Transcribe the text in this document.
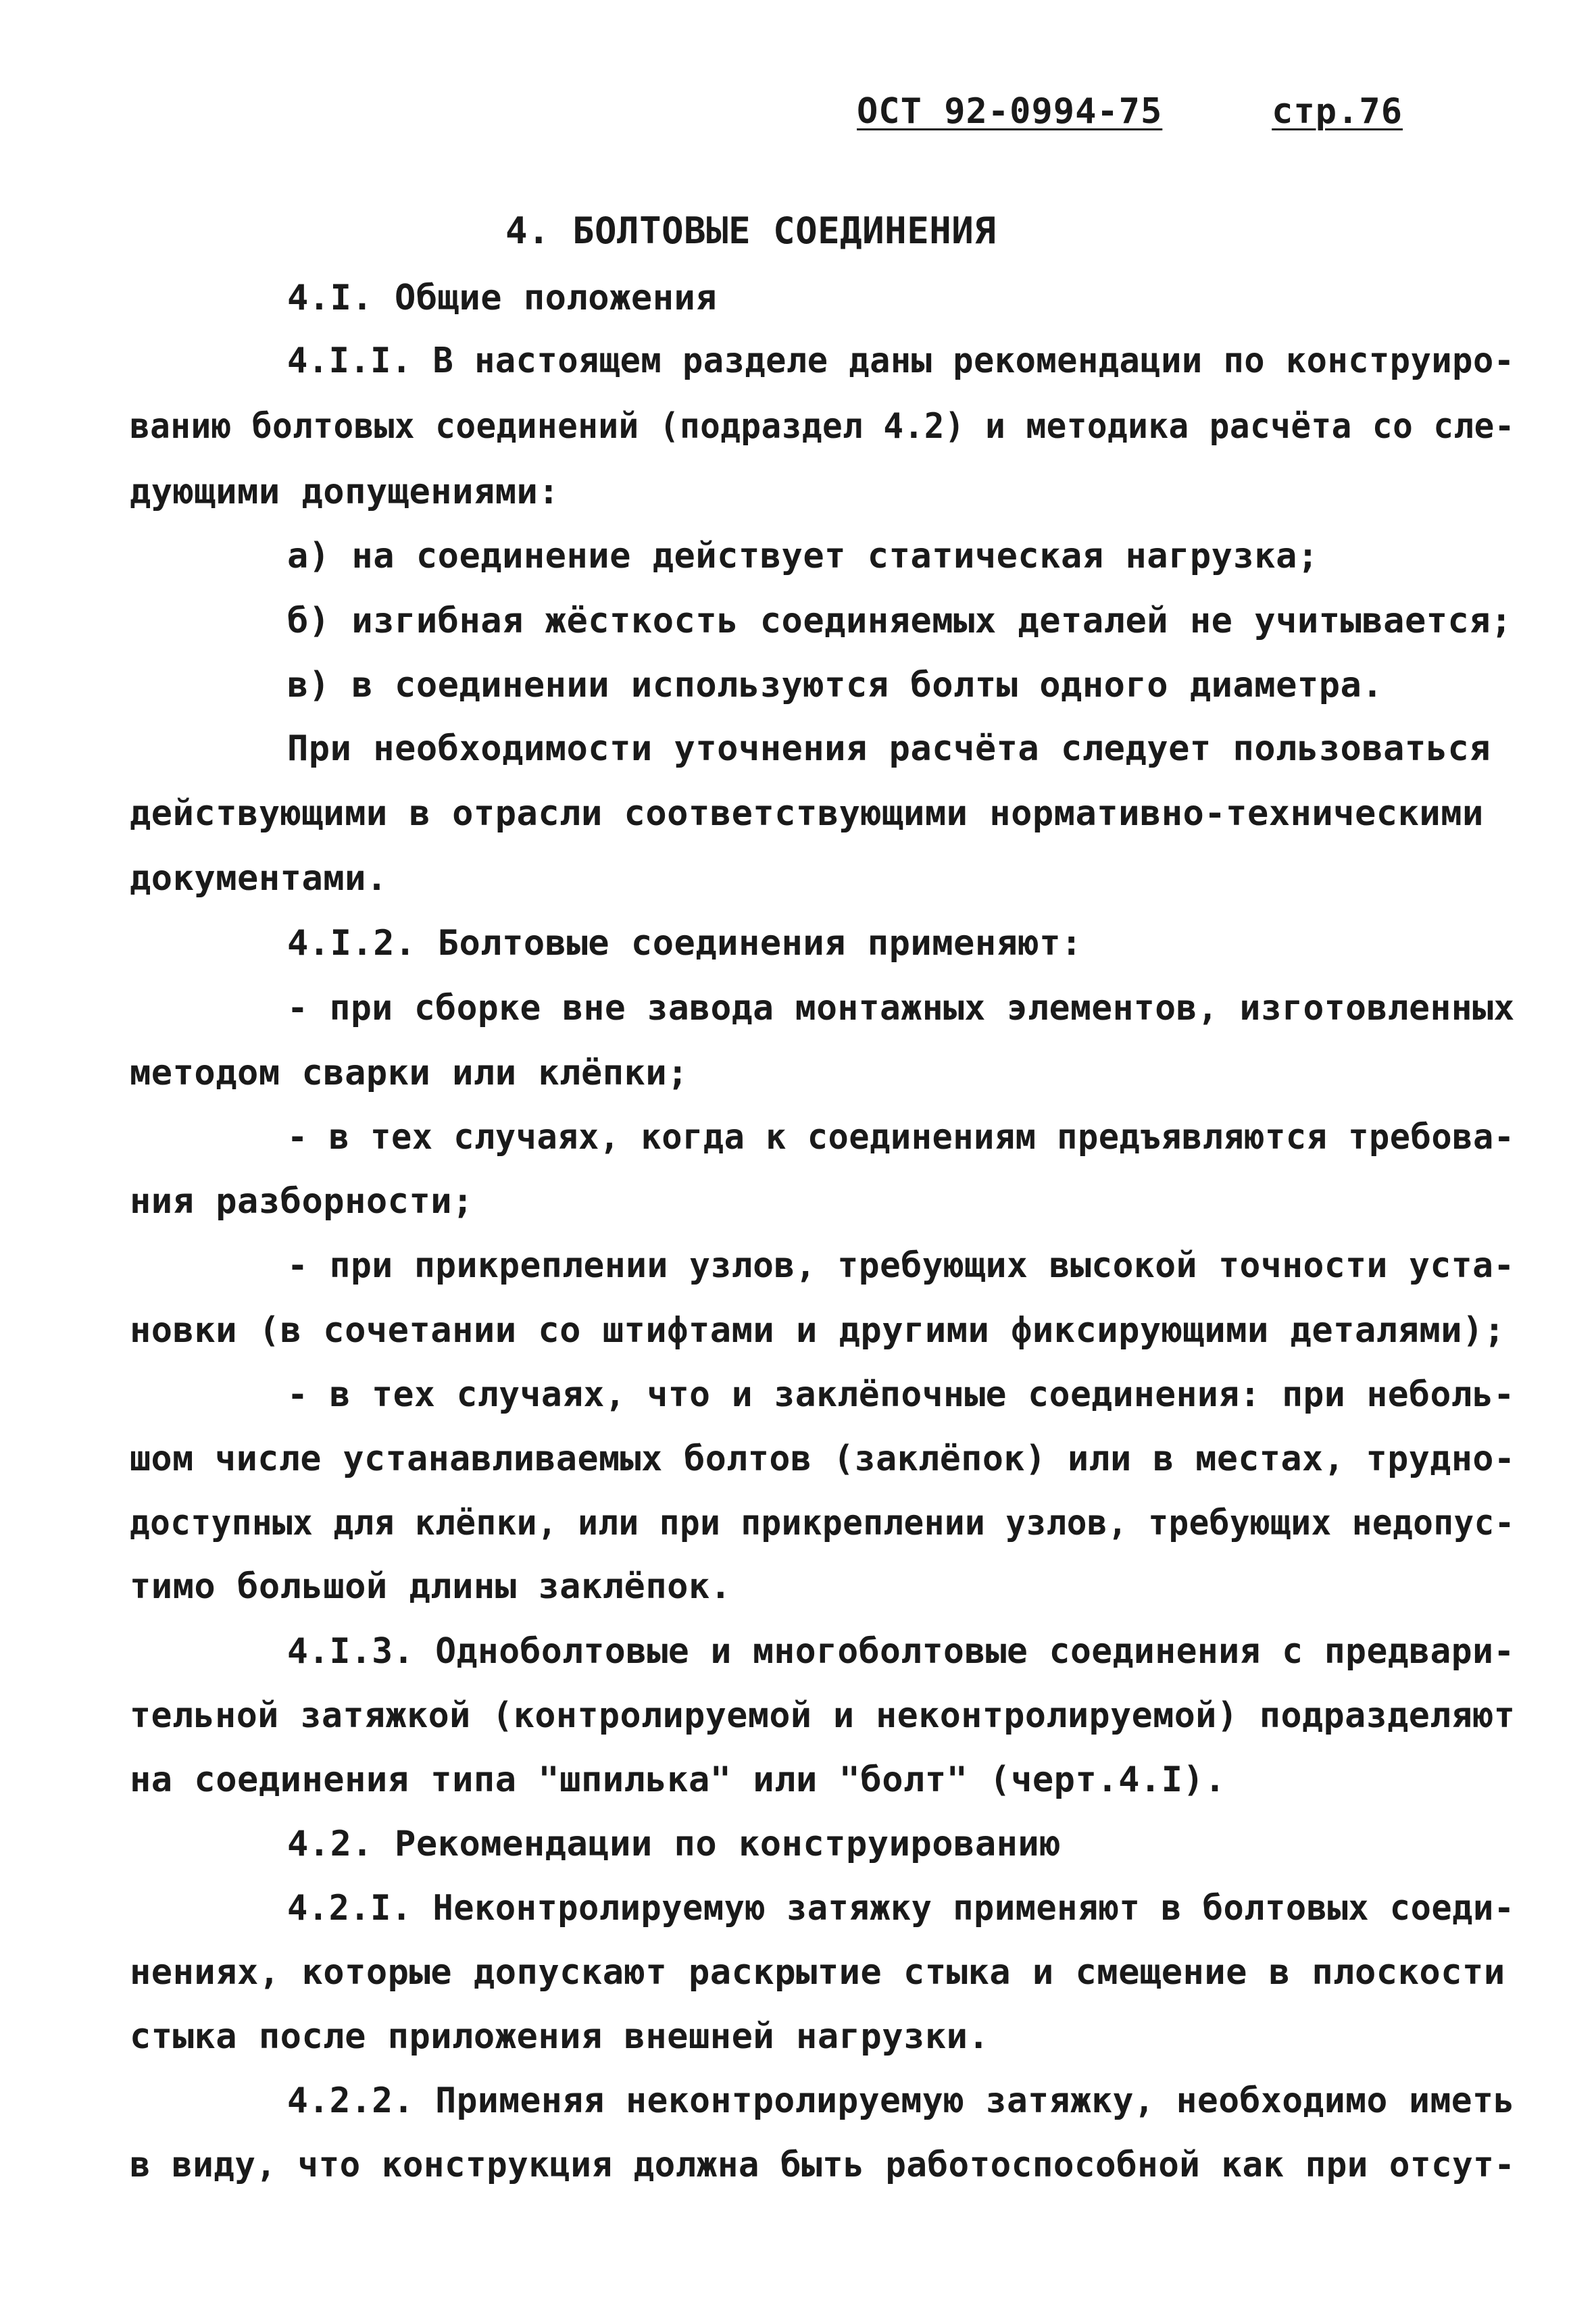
ОСТ 92-0994-75	стр.76
4. БОЛТОВЫЕ СОЕДИНЕНИЯ
4.I. Общие положения
4.I.I. В настоящем разделе даны рекомендации по конструиро-
ванию болтовых соединений (подраздел 4.2) и методика расчёта со сле-
дующими допущениями:
а) на соединение действует статическая нагрузка;
б) изгибная жёсткость соединяемых деталей не учитывается;
в) в соединении используются болты одного диаметра.
При необходимости уточнения расчёта следует пользоваться
действующими в отрасли соответствующими нормативно-техническими
документами.
4.I.2. Болтовые соединения применяют:
- при сборке вне завода монтажных элементов, изготовленных
методом сварки или клёпки;
- в тех случаях, когда к соединениям предъявляются требова-
ния разборности;
- при прикреплении узлов, требующих высокой точности уста-
новки (в сочетании со штифтами и другими фиксирующими деталями);
- в тех случаях, что и заклёпочные соединения: при неболь-
шом числе устанавливаемых болтов (заклёпок) или в местах, трудно-
доступных для клёпки, или при прикреплении узлов, требующих недопус-
тимо большой длины заклёпок.
4.I.3. Одноболтовые и многоболтовые соединения с предвари-
тельной затяжкой (контролируемой и неконтролируемой) подразделяют
на соединения типа "шпилька" или "болт" (черт.4.I).
4.2. Рекомендации по конструированию
4.2.I. Неконтролируемую затяжку применяют в болтовых соеди-
нениях, которые допускают раскрытие стыка и смещение в плоскости
стыка после приложения внешней нагрузки.
4.2.2. Применяя неконтролируемую затяжку, необходимо иметь
в виду, что конструкция должна быть работоспособной как при отсут-
